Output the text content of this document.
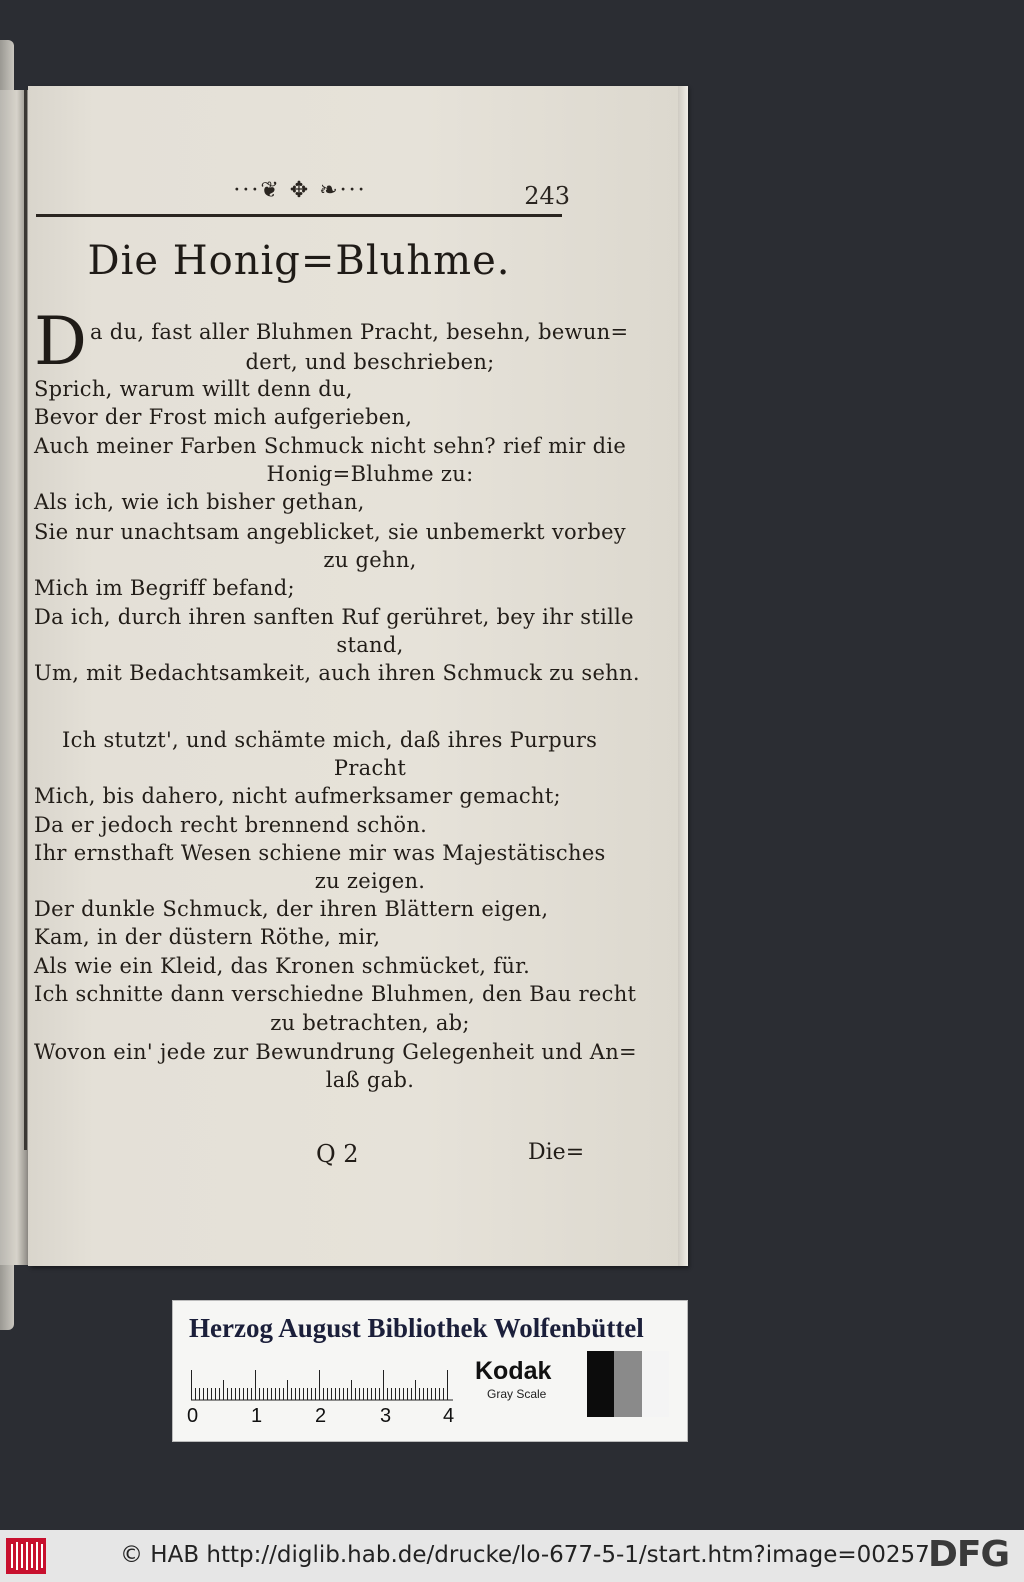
···❦ ✥ ❧···	243
Die Honig=Bluhme.
D a du, fast aller Bluhmen Pracht, besehn, bewun=
dert, und beschrieben;
Sprich, warum willt denn du,
Bevor der Frost mich aufgerieben,
Auch meiner Farben Schmuck nicht sehn? rief mir die
Honig=Bluhme zu:
Als ich, wie ich bisher gethan,
Sie nur unachtsam angeblicket, sie unbemerkt vorbey
zu gehn,
Mich im Begriff befand;
Da ich, durch ihren sanften Ruf gerühret, bey ihr stille
stand,
Um, mit Bedachtsamkeit, auch ihren Schmuck zu sehn.
Ich stutzt', und schämte mich, daß ihres Purpurs
Pracht
Mich, bis dahero, nicht aufmerksamer gemacht;
Da er jedoch recht brennend schön.
Ihr ernsthaft Wesen schiene mir was Majestätisches
zu zeigen.
Der dunkle Schmuck, der ihren Blättern eigen,
Kam, in der düstern Röthe, mir,
Als wie ein Kleid, das Kronen schmücket, für.
Ich schnitte dann verschiedne Bluhmen, den Bau recht
zu betrachten, ab;
Wovon ein' jede zur Bewundrung Gelegenheit und An=
laß gab.
Q 2	Die=
Herzog August Bibliothek Wolfenbüttel
0	1	2	3	4
Kodak
Gray Scale
© HAB http://diglib.hab.de/drucke/lo-677-5-1/start.htm?image=00257
DFG
